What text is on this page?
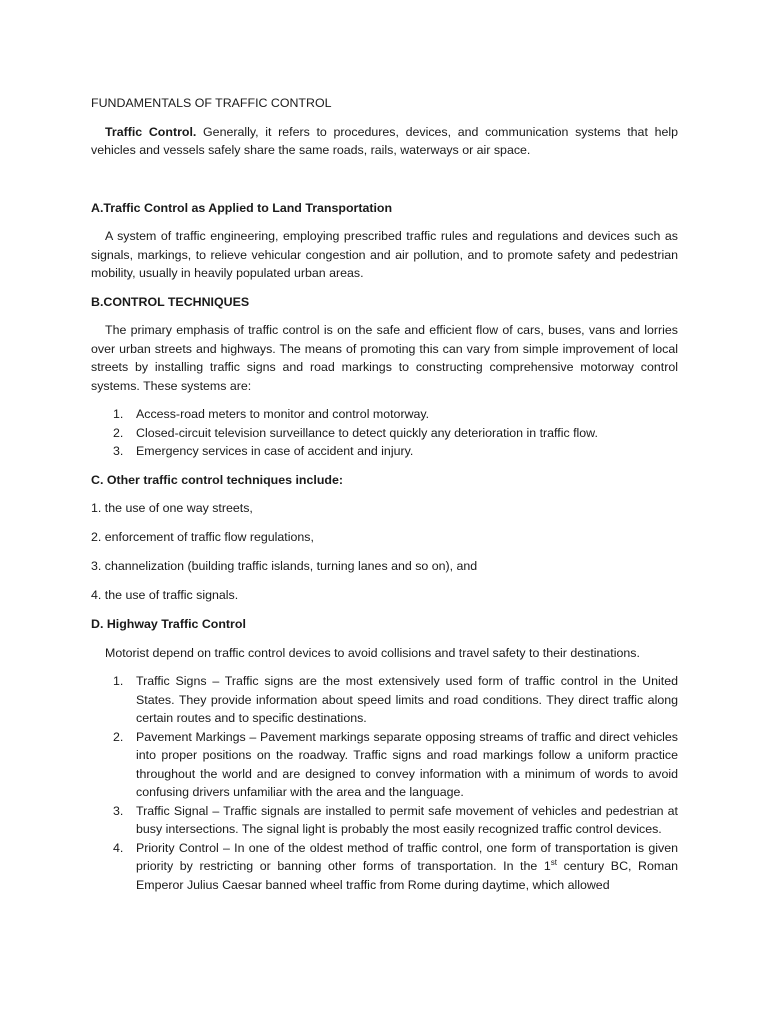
FUNDAMENTALS OF TRAFFIC CONTROL

Traffic Control. Generally, it refers to procedures, devices, and communication systems that help vehicles and vessels safely share the same roads, rails, waterways or air space.

A.Traffic Control as Applied to Land Transportation

A system of traffic engineering, employing prescribed traffic rules and regulations and devices such as signals, markings, to relieve vehicular congestion and air pollution, and to promote safety and pedestrian mobility, usually in heavily populated urban areas.

B.CONTROL TECHNIQUES

The primary emphasis of traffic control is on the safe and efficient flow of cars, buses, vans and lorries over urban streets and highways. The means of promoting this can vary from simple improvement of local streets by installing traffic signs and road markings to constructing comprehensive motorway control systems. These systems are:

1. Access-road meters to monitor and control motorway.
2. Closed-circuit television surveillance to detect quickly any deterioration in traffic flow.
3. Emergency services in case of accident and injury.

C. Other traffic control techniques include:

1. the use of one way streets,

2. enforcement of traffic flow regulations,

3. channelization (building traffic islands, turning lanes and so on), and

4. the use of traffic signals.

D. Highway Traffic Control

Motorist depend on traffic control devices to avoid collisions and travel safety to their destinations.

1. Traffic Signs – Traffic signs are the most extensively used form of traffic control in the United States. They provide information about speed limits and road conditions. They direct traffic along certain routes and to specific destinations.
2. Pavement Markings – Pavement markings separate opposing streams of traffic and direct vehicles into proper positions on the roadway. Traffic signs and road markings follow a uniform practice throughout the world and are designed to convey information with a minimum of words to avoid confusing drivers unfamiliar with the area and the language.
3. Traffic Signal – Traffic signals are installed to permit safe movement of vehicles and pedestrian at busy intersections. The signal light is probably the most easily recognized traffic control devices.
4. Priority Control – In one of the oldest method of traffic control, one form of transportation is given priority by restricting or banning other forms of transportation. In the 1st century BC, Roman Emperor Julius Caesar banned wheel traffic from Rome during daytime, which allowed
